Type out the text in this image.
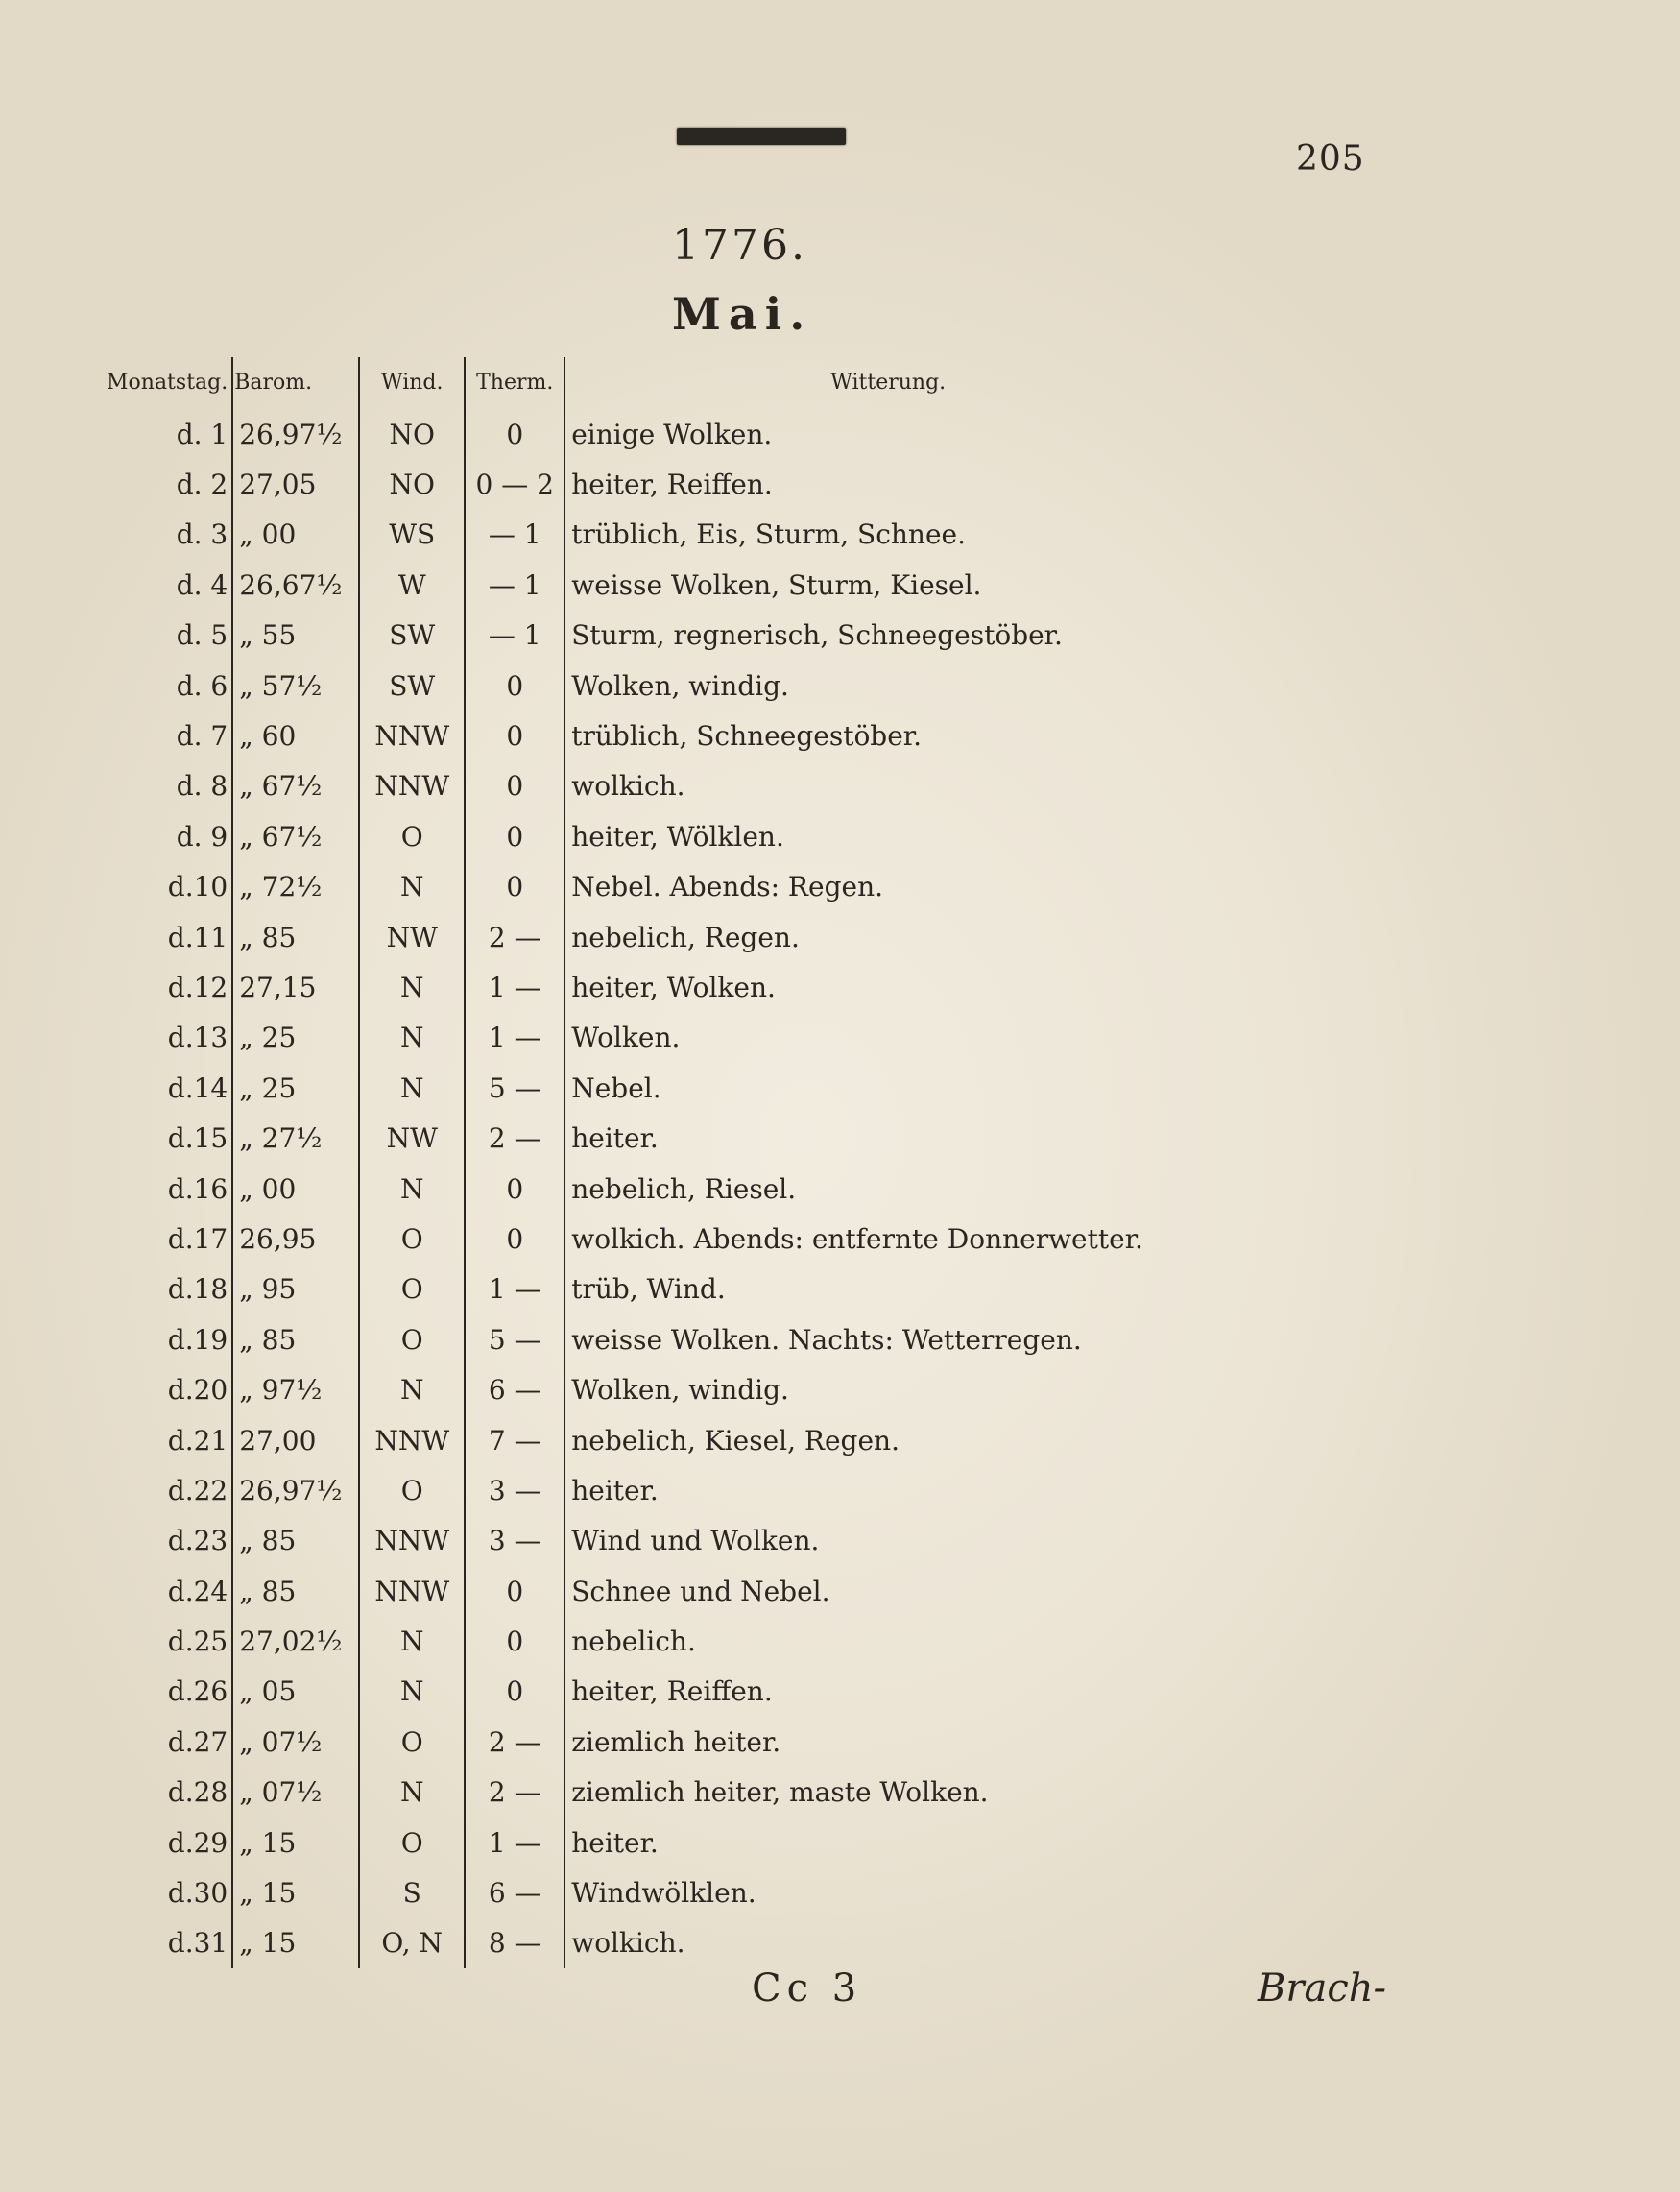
205
1776.
Mai.
Monatstag.	Barom.	Wind.	Therm.	Witterung.
d. 1	26,97½	NO	0	einige Wolken.
d. 2	27,05	NO	0 — 2	heiter, Reiffen.
d. 3	„ 00	WS	— 1	trüblich, Eis, Sturm, Schnee.
d. 4	26,67½	W	— 1	weisse Wolken, Sturm, Kiesel.
d. 5	„ 55	SW	— 1	Sturm, regnerisch, Schneegestöber.
d. 6	„ 57½	SW	0	Wolken, windig.
d. 7	„ 60	NNW	0	trüblich, Schneegestöber.
d. 8	„ 67½	NNW	0	wolkich.
d. 9	„ 67½	O	0	heiter, Wölklen.
d.10	„ 72½	N	0	Nebel. Abends: Regen.
d.11	„ 85	NW	2 —	nebelich, Regen.
d.12	27,15	N	1 —	heiter, Wolken.
d.13	„ 25	N	1 —	Wolken.
d.14	„ 25	N	5 —	Nebel.
d.15	„ 27½	NW	2 —	heiter.
d.16	„ 00	N	0	nebelich, Riesel.
d.17	26,95	O	0	wolkich. Abends: entfernte Donnerwetter.
d.18	„ 95	O	1 —	trüb, Wind.
d.19	„ 85	O	5 —	weisse Wolken. Nachts: Wetterregen.
d.20	„ 97½	N	6 —	Wolken, windig.
d.21	27,00	NNW	7 —	nebelich, Kiesel, Regen.
d.22	26,97½	O	3 —	heiter.
d.23	„ 85	NNW	3 —	Wind und Wolken.
d.24	„ 85	NNW	0	Schnee und Nebel.
d.25	27,02½	N	0	nebelich.
d.26	„ 05	N	0	heiter, Reiffen.
d.27	„ 07½	O	2 —	ziemlich heiter.
d.28	„ 07½	N	2 —	ziemlich heiter, maste Wolken.
d.29	„ 15	O	1 —	heiter.
d.30	„ 15	S	6 —	Windwölklen.
d.31	„ 15	O, N	8 —	wolkich.
Cc 3	Brach-
